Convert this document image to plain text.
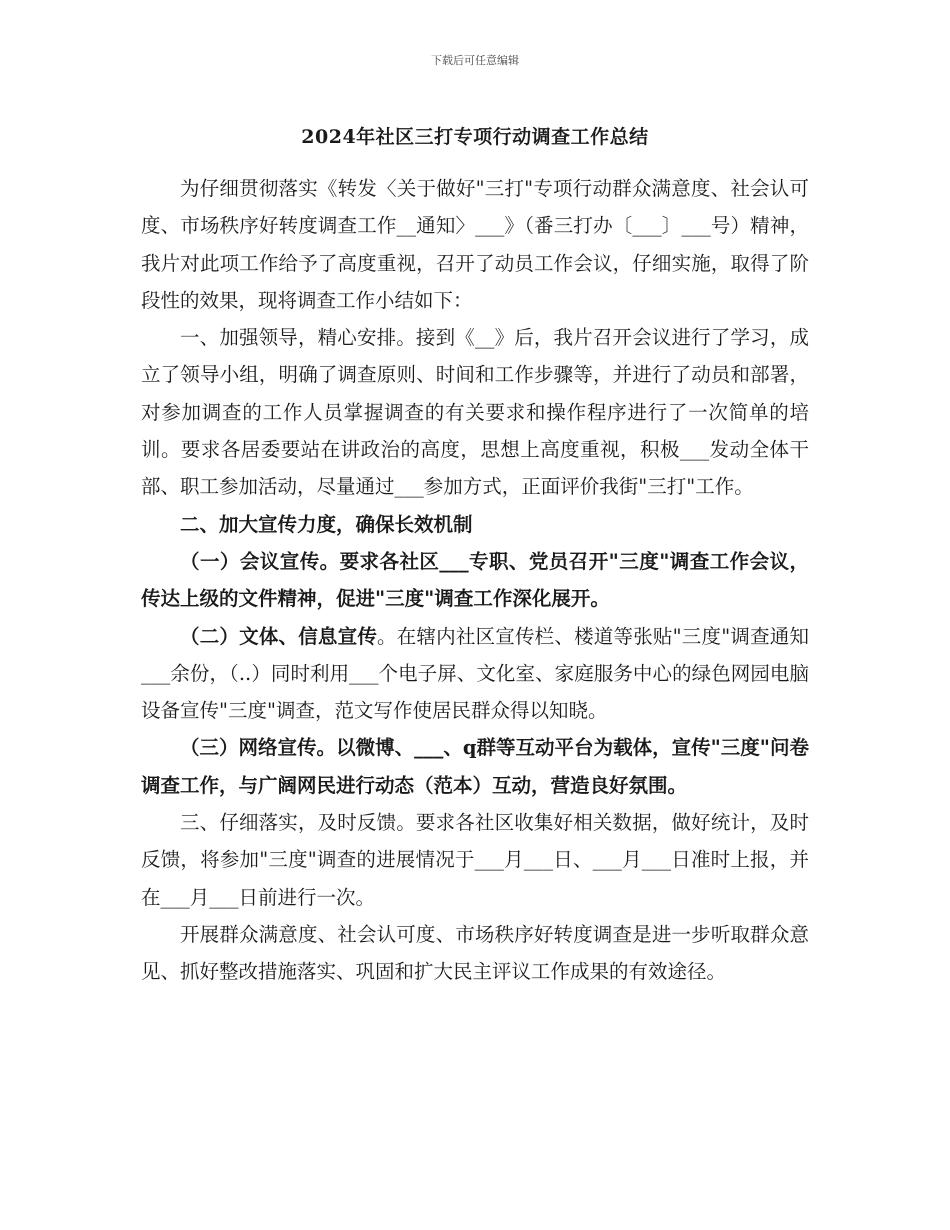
下载后可任意编辑
2024年社区三打专项行动调查工作总结

为仔细贯彻落实《转发〈关于做好"三打"专项行动群众满意度、社会认可度、市场秩序好转度调查工作__通知〉___》（番三打办〔___〕___号）精神，我片对此项工作给予了高度重视，召开了动员工作会议，仔细实施，取得了阶段性的效果，现将调查工作小结如下：

一、加强领导，精心安排。接到《__》后，我片召开会议进行了学习，成立了领导小组，明确了调查原则、时间和工作步骤等，并进行了动员和部署，对参加调查的工作人员掌握调查的有关要求和操作程序进行了一次简单的培训。要求各居委要站在讲政治的高度，思想上高度重视，积极___发动全体干部、职工参加活动，尽量通过___参加方式，正面评价我街"三打"工作。

二、加大宣传力度，确保长效机制

（一）会议宣传。要求各社区___专职、党员召开"三度"调查工作会议，传达上级的文件精神，促进"三度"调查工作深化展开。

（二）文体、信息宣传。在辖内社区宣传栏、楼道等张贴"三度"调查通知___余份，（..）同时利用___个电子屏、文化室、家庭服务中心的绿色网园电脑设备宣传"三度"调查，范文写作使居民群众得以知晓。

（三）网络宣传。以微博、___、q群等互动平台为载体，宣传"三度"问卷调查工作，与广阔网民进行动态（范本）互动，营造良好氛围。

三、仔细落实，及时反馈。要求各社区收集好相关数据，做好统计，及时反馈，将参加"三度"调查的进展情况于___月___日、___月___日准时上报，并在___月___日前进行一次。

开展群众满意度、社会认可度、市场秩序好转度调查是进一步听取群众意见、抓好整改措施落实、巩固和扩大民主评议工作成果的有效途径。
